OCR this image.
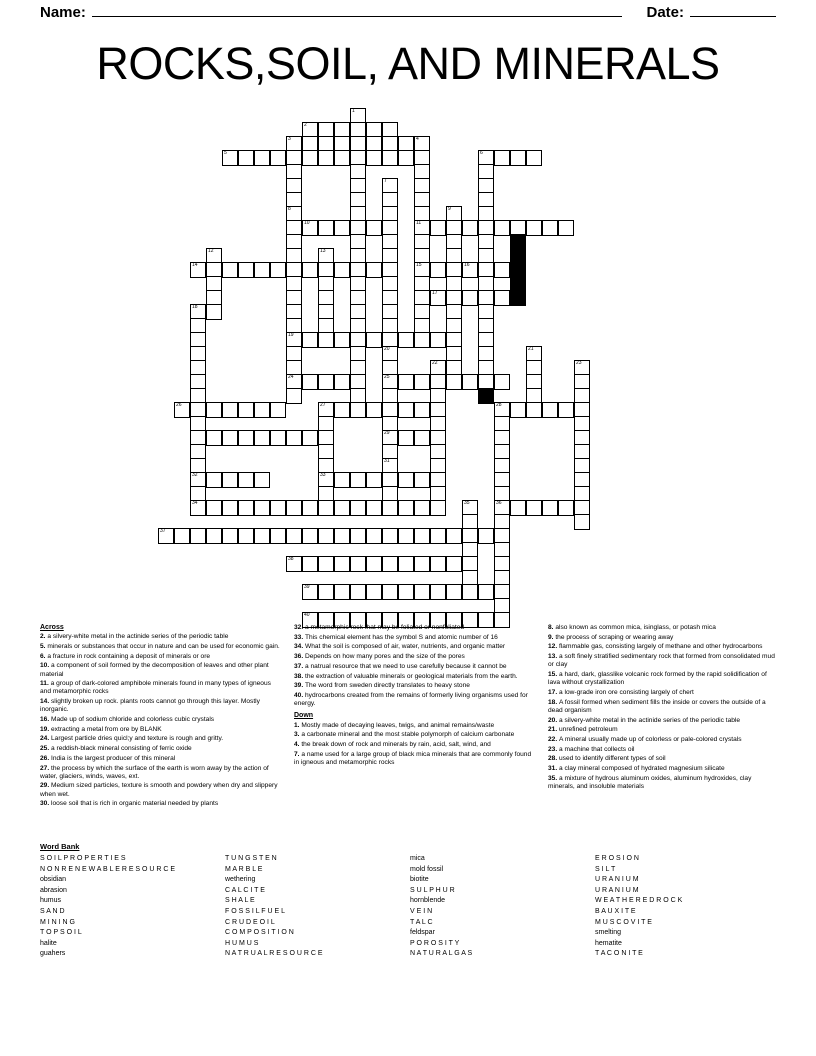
Name:	Date:
ROCKS,SOIL, AND MINERALS
1
2
3	4
5	6
7
8	9
10	11
12	13
14	15	16
17
18
19
20	21
22	23
24	25
26	27	28
29
31
32	33
34	35	36
37
38
39
40
Across
2. a silvery-white metal in the actinide series of the periodic table
5. minerals or substances that occur in nature and can be used for economic gain.
6. a fracture in rock containing a deposit of minerals or ore
10. a component of soil formed by the decomposition of leaves and other plant material
11. a group of dark-colored amphibole minerals found in many types of igneous and metamorphic rocks
14. slightly broken up rock. plants roots cannot go through this layer. Mostly inorganic.
16. Made up of sodium chloride and colorless cubic crystals
19. extracting a metal from ore by BLANK
24. Largest particle dries quicl;y and texture is rough and gritty.
25. a reddish-black mineral consisting of ferric oxide
26. India is the largest producer of this mineral
27. the process by which the surface of the earth is worn away by the action of water, glaciers, winds, waves, ext.
29. Medium sized particles, texture is smooth and powdery when dry and slippery when wet.
30. loose soil that is rich in organic material needed by plants
32. a metamorphic rock that may be foliated or nonfoliated
33. This chemical element has the symbol S and atomic number of 16
34. What the soil is composed of air, water, nutrients, and organic matter
36. Depends on how many pores and the size of the pores
37. a natrual resource that we need to use carefully because it cannot be
38. the extraction of valuable minerals or geological materials from the earth.
39. The word from sweden directly translates to heavy stone
40. hydrocarbons created from the remains of formerly living organisms used for energy.
Down
1. Mostly made of decaying leaves, twigs, and animal remains/waste
3. a carbonate mineral and the most stable polymorph of calcium carbonate
4. the break down of rock and minerals by rain, acid, salt, wind, and
7. a name used for a large group of black mica minerals that are commonly found in igneous and metamorphic rocks
8. also known as common mica, isinglass, or potash mica
9. the process of scraping or wearing away
12. flammable gas, consisting largely of methane and other hydrocarbons
13. a soft finely stratified sedimentary rock that formed from consolidated mud or clay
15. a hard, dark, glasslike volcanic rock formed by the rapid solidification of lava without crystallization
17. a low-grade iron ore consisting largely of chert
18. A fossil formed when sediment fills the inside or covers the outside of a dead organism
20. a silvery-white metal in the actinide series of the periodic table
21. unrefined petroleum
22. A mineral usually made up of colorless or pale-colored crystals
23. a machine that collects oil
28. used to identify different types of soil
31. a clay mineral composed of hydrated magnesium silicate
35. a mixture of hydrous aluminum oxides, aluminum hydroxides, clay minerals, and insoluble materials
Word Bank
S O I L P R O P E R T I E S
N O N R E N E W A B L E R E S O U R C E
obsidian
abrasion
humus
S A N D
M I N I N G
T O P S O I L
halite
guahers
T U N G S T E N
M A R B L E
wethering
C A L C I T E
S H A L E
F O S S I L F U E L
C R U D E O I L
C O M P O S I T I O N
H U M U S
N A T R U A L R E S O U R C E
mica
mold fossil
biotite
S U L P H U R
hornblende
V E I N
T A L C
feldspar
P O R O S I T Y
N A T U R A L G A S
E R O S I O N
S I L T
U R A N I U M
U R A N I U M
W E A T H E R E D R O C K
B A U X I T E
M U S C O V I T E
smelting
hematite
T A C O N I T E
